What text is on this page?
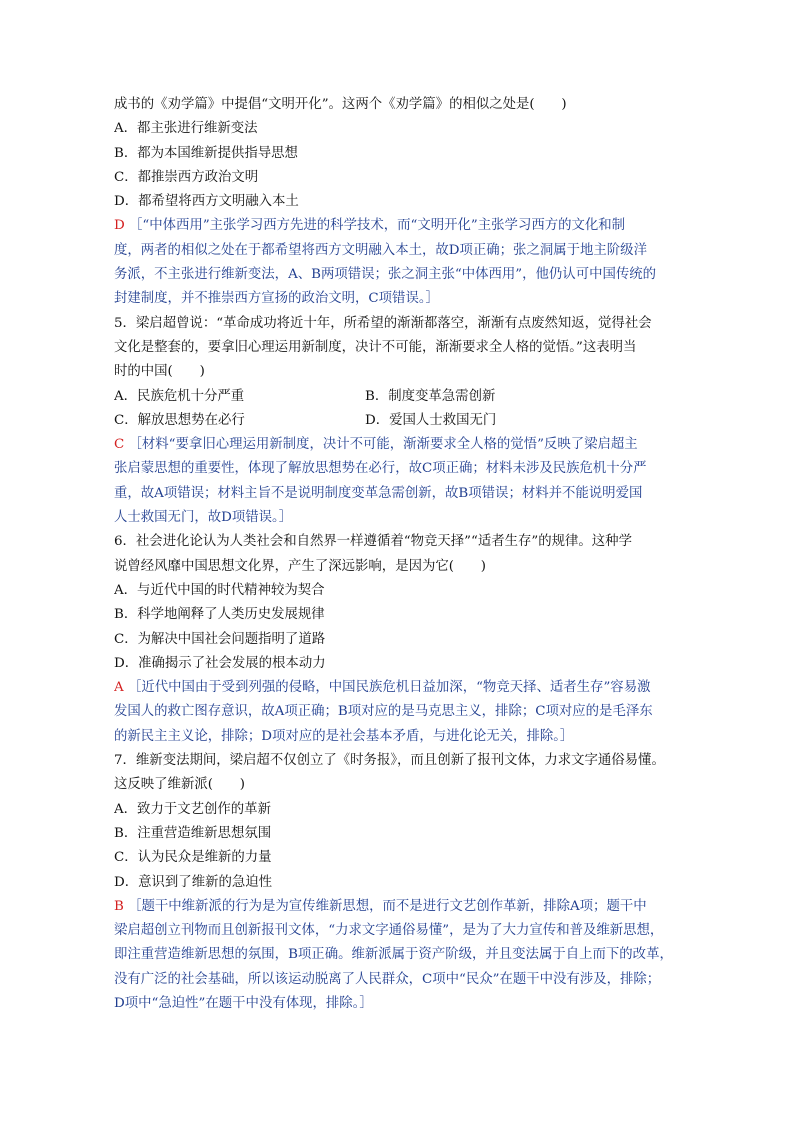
成书的《劝学篇》中提倡“文明开化”。这两个《劝学篇》的相似之处是(　　)
A．都主张进行维新变法
B．都为本国维新提供指导思想
C．都推崇西方政治文明
D．都希望将西方文明融入本土
D ［“中体西用”主张学习西方先进的科学技术，而“文明开化”主张学习西方的文化和制
度，两者的相似之处在于都希望将西方文明融入本土，故D项正确；张之洞属于地主阶级洋
务派，不主张进行维新变法，A、B两项错误；张之洞主张“中体西用”，他仍认可中国传统的
封建制度，并不推崇西方宣扬的政治文明，C项错误。］
5．梁启超曾说：“革命成功将近十年，所希望的渐渐都落空，渐渐有点废然知返，觉得社会
文化是整套的，要拿旧心理运用新制度，决计不可能，渐渐要求全人格的觉悟。”这表明当
时的中国(　　)
A．民族危机十分严重	B．制度变革急需创新
C．解放思想势在必行	D．爱国人士救国无门
C ［材料“要拿旧心理运用新制度，决计不可能，渐渐要求全人格的觉悟”反映了梁启超主
张启蒙思想的重要性，体现了解放思想势在必行，故C项正确；材料未涉及民族危机十分严
重，故A项错误；材料主旨不是说明制度变革急需创新，故B项错误；材料并不能说明爱国
人士救国无门，故D项错误。］
6．社会进化论认为人类社会和自然界一样遵循着“物竞天择”“适者生存”的规律。这种学
说曾经风靡中国思想文化界，产生了深远影响，是因为它(　　)
A．与近代中国的时代精神较为契合
B．科学地阐释了人类历史发展规律
C．为解决中国社会问题指明了道路
D．准确揭示了社会发展的根本动力
A ［近代中国由于受到列强的侵略，中国民族危机日益加深，“物竞天择、适者生存”容易激
发国人的救亡图存意识，故A项正确；B项对应的是马克思主义，排除；C项对应的是毛泽东
的新民主主义论，排除；D项对应的是社会基本矛盾，与进化论无关，排除。］
7．维新变法期间，梁启超不仅创立了《时务报》，而且创新了报刊文体，力求文字通俗易懂。
这反映了维新派(　　)
A．致力于文艺创作的革新
B．注重营造维新思想氛围
C．认为民众是维新的力量
D．意识到了维新的急迫性
B ［题干中维新派的行为是为宣传维新思想，而不是进行文艺创作革新，排除A项；题干中
梁启超创立刊物而且创新报刊文体，“力求文字通俗易懂”，是为了大力宣传和普及维新思想，
即注重营造维新思想的氛围，B项正确。维新派属于资产阶级，并且变法属于自上而下的改革，
没有广泛的社会基础，所以该运动脱离了人民群众，C项中“民众”在题干中没有涉及，排除；
D项中“急迫性”在题干中没有体现，排除。］
